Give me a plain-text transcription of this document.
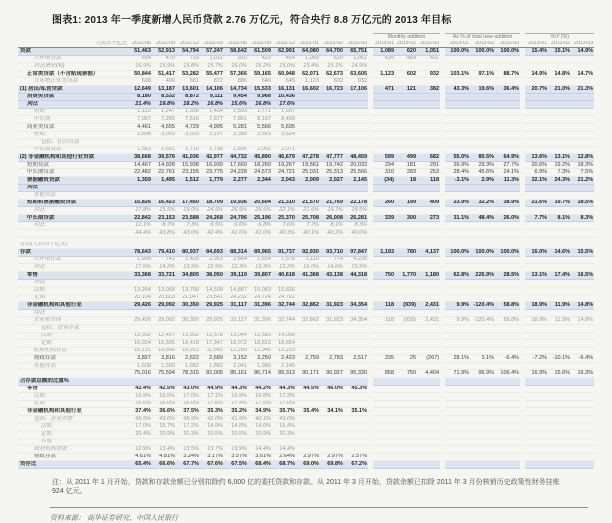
图表1: 2013 年一季度新增人民币贷款 2.76 万亿元，符合央行 8.8 万亿元的 2013 年目标
												Monthly addition				As % of total new addition				YoY (%)		
人民币十亿元	2011-06	2011-09	2011-12	2012-03	2012-06	2012-09	2012-12	2013-01	2013-02	2013-03		2013-01	2013-02	2013-03		2013-01	2013-02	2013-03		2013-01	2013-02	2013-03
贷款	51,463	52,913	54,794	57,247	58,642	61,509	62,991	64,080	64,700	65,751		1,089	620	1,051		100.0%	100.0%	100.0%		15.4%	15.1%	14.9%
月环增贷款	654	470	733	1,011	920	423	454	1,089	620	1,051		635	-469	431								
同比增长(%)	16.9%	15.9%	15.8%	15.7%	16.0%	16.2%	15.0%	15.4%	15.1%	14.9%												
正常类贷款（不含贴现票据）	50,844	51,417	53,282	55,477	57,366	59,165	60,948	62,071	62,673	63,605		1,123	602	932		103.1%	97.1%	88.7%		14.9%	14.8%	14.7%
月环增正常类贷款	608	490	681	872	886	640	645	1,123	602	932												
(1) 居民/私营贷款	12,649	13,187	13,601	14,106	14,734	15,533	16,131	16,602	16,723	17,106		471	121	382		43.3%	19.6%	36.4%		20.7%	21.0%	21.3%
消费类贷款	8,180	8,532	8,872	9,111	9,454	9,968	10,436															
同比	21.4%	19.8%	18.2%	16.8%	15.6%	16.8%	17.6%															
短期	1,122	1,247	1,356	1,434	1,593	1,771	1,937															
中长期	7,057	7,285	7,516	7,677	7,861	8,197	8,499															
商业类贷款	4,461	4,655	4,729	4,995	5,281	5,566	5,695															
短期	2,898	3,003	3,020	3,197	3,385	3,563	3,624															
包括：住房贷款																						
中长期贷款	1,563	1,651	1,710	1,798	1,896	2,002	2,071															
(2) 非金融机构和其他行业贷款	38,668	39,576	41,036	42,977	44,732	45,890	46,679	47,278	47,777	48,459		599	499	682		55.0%	80.5%	64.9%		13.6%	13.1%	12.8%
短期贷款	14,467	14,928	15,938	16,939	17,660	18,260	19,267	19,561	19,742	20,033		294	181	291		26.9%	29.3%	27.7%		20.6%	19.2%	18.3%
中长期贷款	22,482	22,761	23,155	23,775	24,228	24,573	24,721	25,031	25,313	25,566		310	283	253		28.4%	45.6%	24.1%		6.9%	7.3%	7.5%
票据融资贷款	1,359	1,495	1,512	1,779	2,277	2,344	2,043	2,009	2,027	2,145		(34)	18	118		-3.1%	2.9%	11.3%		32.1%	24.3%	21.2%
同比																						
其他贷款																						
短期和票据融资贷款	15,826	16,423	17,450	18,709	19,936	20,604	21,310	21,570	21,769	22,178		260	199	409		23.9%	32.2%	38.9%		21.6%	19.7%	18.5%
同比	17.8%	15.5%	19.0%	24.5%	26.5%	25.5%	22.1%	21.6%	19.7%	18.5%												
中长期贷款	22,842	23,153	23,588	24,268	24,796	25,196	25,370	25,708	26,008	26,281		339	300	273		31.1%	48.4%	26.0%		7.7%	8.1%	8.3%
同比	12.1%	8.7%	7.3%	6.5%	6.6%	6.8%	7.6%	7.7%	8.1%	8.3%												
	44.4%	43.8%	43.0%	42.4%	41.6%	41.0%	40.3%	40.1%	40.2%	40.0%												

存款(人民币十亿元)																						
存款	78,643	79,410	80,937	84,693	88,314	89,965	91,737	92,930	93,710	97,847		1,193	780	4,137		100.0%	100.0%	100.0%		16.0%	14.6%	15.5%
月环增存款	1,909	741	1,426	2,953	2,864	1,654	1,578	1,110	774	4,226												
同比	17.6%	14.2%	13.5%	12.5%	12.3%	13.3%	13.2%	16.0%	14.6%	15.5%												
零售	33,368	33,721	34,805	38,050	39,119	39,807	40,618	41,368	43,138	44,318		750	1,770	1,180		62.8%	226.9%	28.5%		13.1%	17.4%	16.5%
同比																						
活期	13,264	13,068	13,758	14,508	14,887	15,083	15,826															
定期	20,104	20,653	21,047	23,541	24,232	24,724	24,792															
非金融机构和其他行业	29,426	29,092	30,350	29,925	31,117	31,396	32,744	32,862	31,923	34,354		118	(939)	2,431		9.9%	-120.4%	58.8%		18.9%	11.9%	14.8%
同比																						
企业和实体	29,426	29,092	30,350	29,925	31,117	31,396	32,744	32,862	31,923	34,354		118	(939)	2,431		9.9%	-120.4%	58.8%		18.9%	11.9%	14.8%
包括：企业存款																						
活期	13,392	12,497	13,932	12,578	13,044	12,583	14,090															
定期	16,034	16,595	16,418	17,347	18,072	18,813	18,654															
政府机构存款	10,131	10,666	10,913	11,565	12,289	12,946	13,233															
财政存款	3,827	3,816	2,622	2,689	3,152	3,250	2,423	2,759	2,783	2,517		335	25	(267)		28.1%	3.1%	-6.4%		-7.2%	-10.1%	-6.4%
其他存款	1,608	1,560	1,682	1,882	2,041	1,986	2,145															
	75,016	75,594	78,315	82,005	85,161	86,714	89,313	90,171	90,927	95,330		858	750	4,404		71.9%	96.9%	106.4%		16.9%	15.6%	16.3%
占存款总额的比重%																						
零售	42.4%	42.5%	43.0%	44.9%	44.3%	44.2%	44.3%	44.5%	46.0%	45.3%												
活期	16.9%	16.5%	17.0%	17.1%	16.9%	16.8%	17.3%															
定期	25.6%	26.0%	26.0%	27.8%	27.4%	27.5%	27.0%															
非金融机构和其他行业	37.4%	36.6%	37.5%	35.3%	35.2%	34.9%	35.7%	35.4%	34.1%	35.1%												
包括：企业存款	45.5%	43.0%	45.9%	42.0%	41.9%	40.1%	43.0%															
活期	17.0%	15.7%	17.2%	14.9%	14.8%	14.0%	15.4%															
定期	20.4%	20.9%	20.3%	20.5%	20.5%	20.9%	20.3%															
其他																						
政府机构存款	12.9%	13.4%	13.5%	13.7%	13.9%	14.4%	14.4%															
财政存款	4.61%	4.81%	3.24%	3.17%	3.57%	3.61%	2.64%	2.97%	2.97%	2.57%												
贷存比	65.4%	66.6%	67.7%	67.6%	67.5%	68.4%	68.7%	69.0%	69.8%	67.2%												
注：从 2011 年 1 月开始，贷款和存款余额已分别扣除约 6,000 亿的委托贷款和存款。从 2011 年 3 月开始，贷款余额已扣除 2011 年 3 月份核销历史政策性财务挂账 924 亿元。
资料来源： 高华证券研究、中国人民银行
